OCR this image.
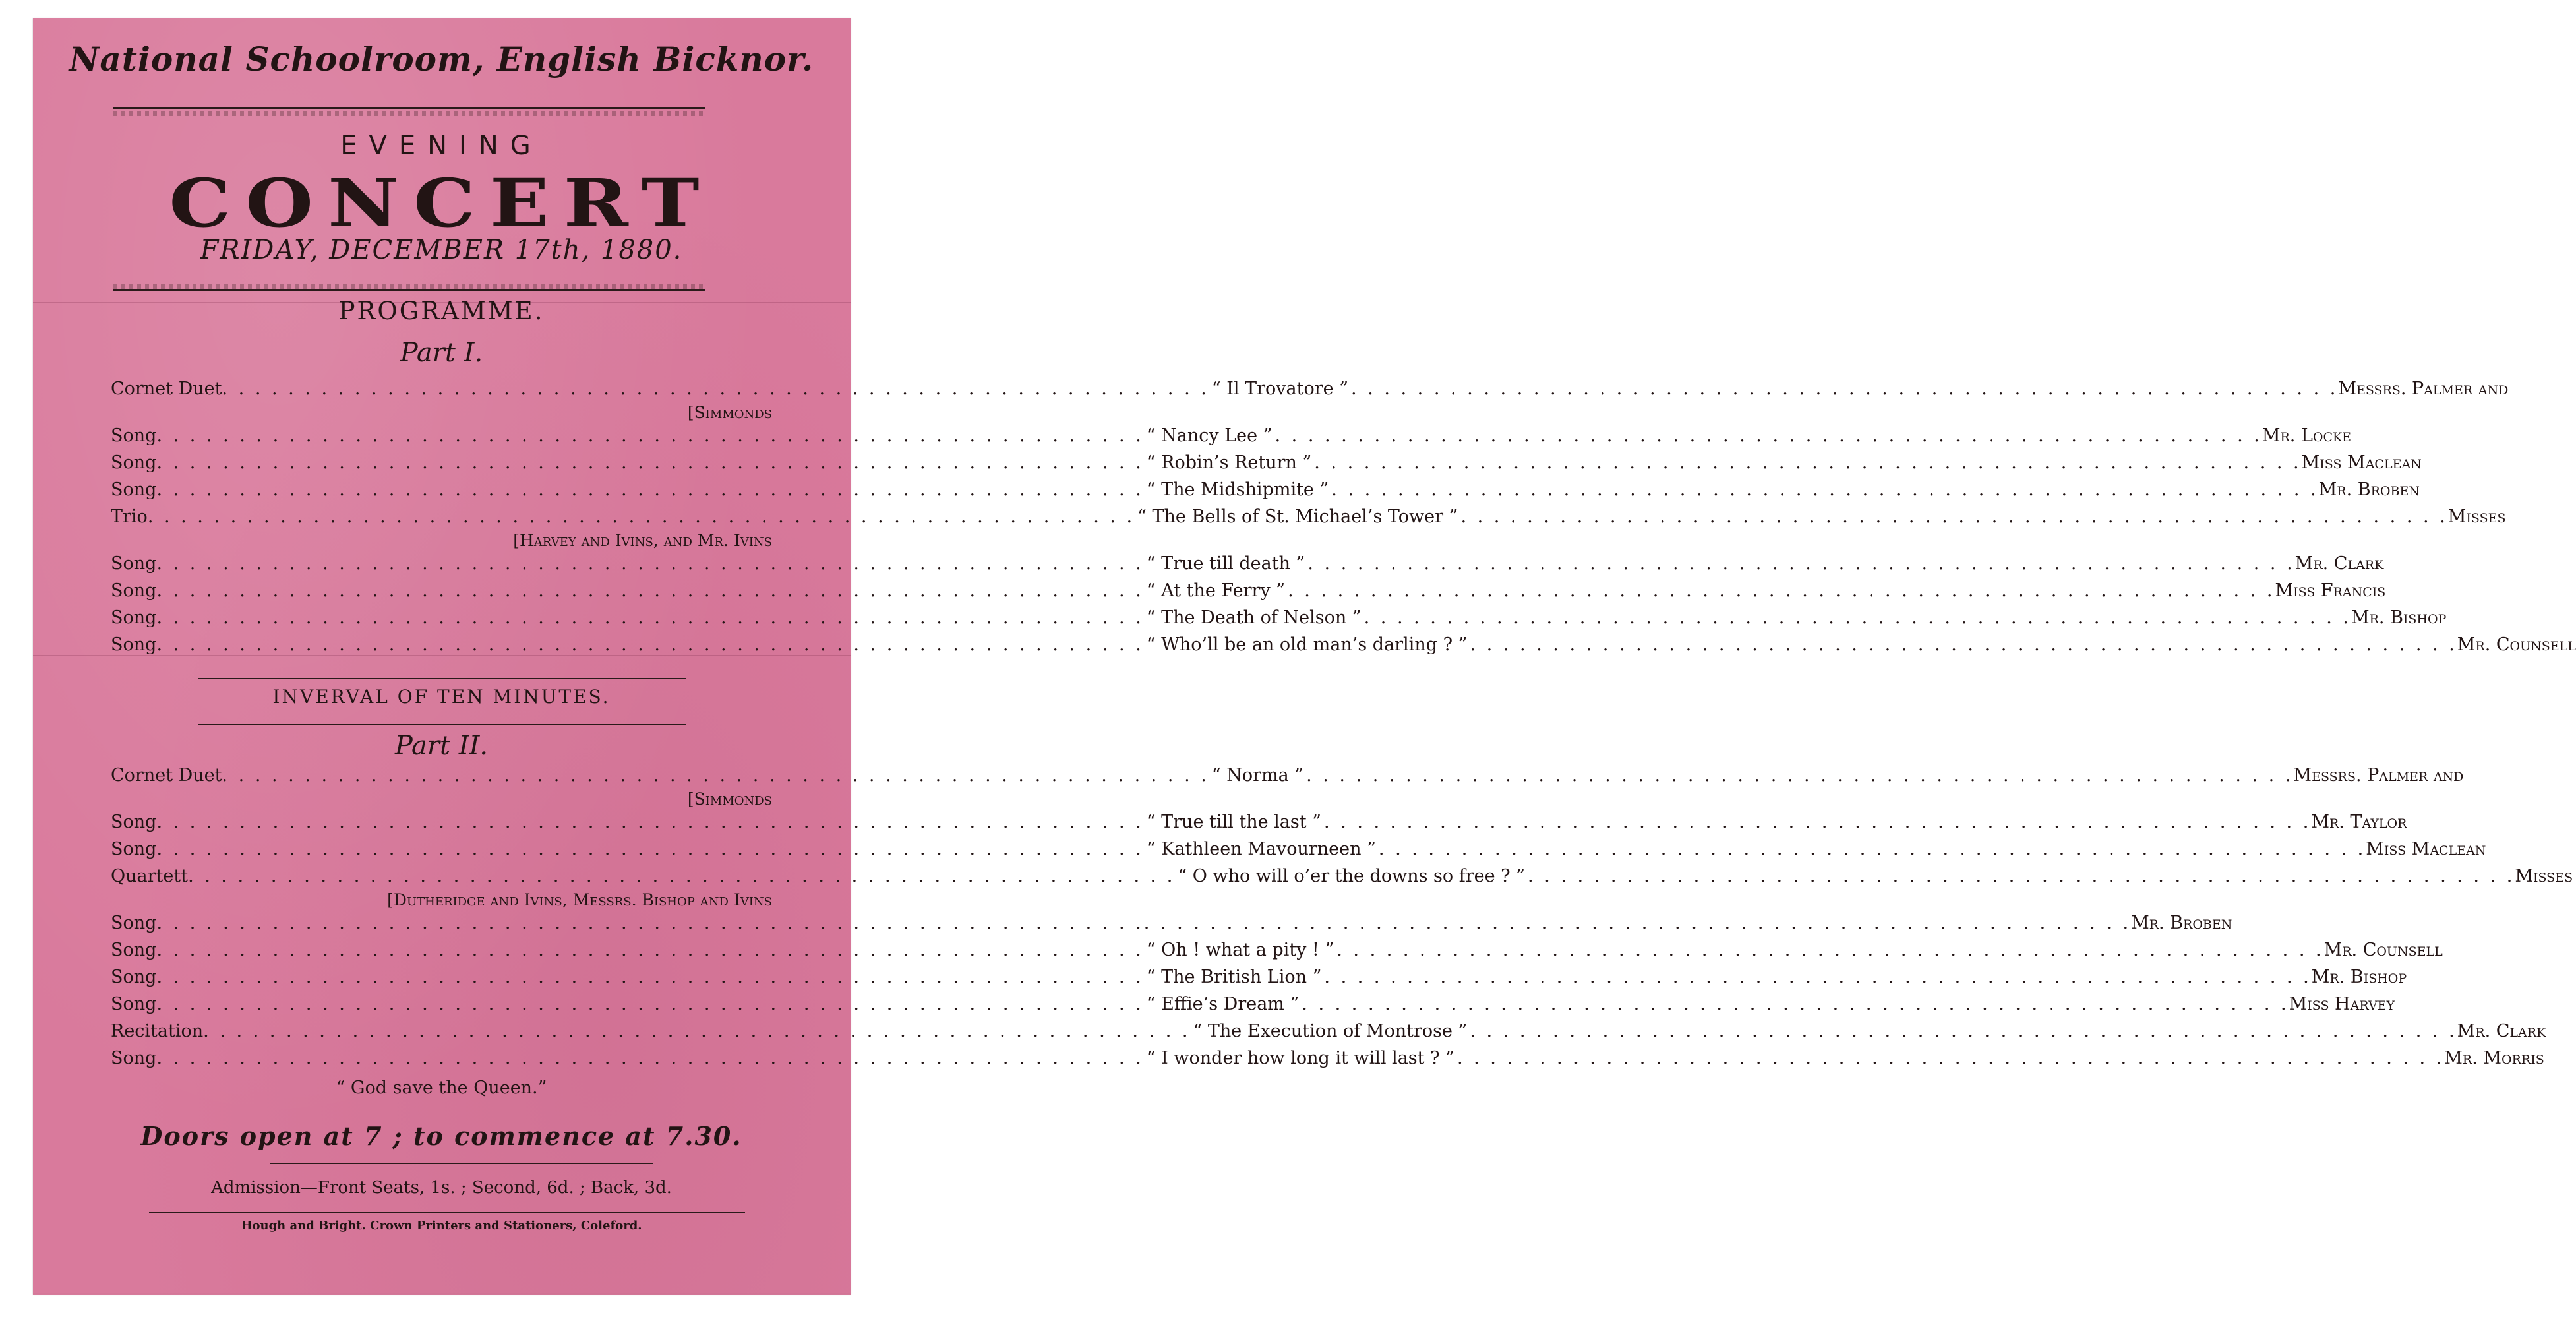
National Schoolroom, English Bicknor.
EVENING
CONCERT
FRIDAY, DECEMBER 17th, 1880.
PROGRAMME.
Part I.
Cornet Duet . . . . . . . . . . . . . . . . . . . . . . . . . . . . . . . . . . . . . . . . . . . . . . . . . . . . . . . . . . . . “ Il Trovatore ” . . . . . . . . . . . . . . . . . . . . . . . . . . . . . . . . . . . . . . . . . . . . . . . . . . . . . . . . . . . . Messrs. Palmer and
[ Simmonds
Song . . . . . . . . . . . . . . . . . . . . . . . . . . . . . . . . . . . . . . . . . . . . . . . . . . . . . . . . . . . . “ Nancy Lee ” . . . . . . . . . . . . . . . . . . . . . . . . . . . . . . . . . . . . . . . . . . . . . . . . . . . . . . . . . . . . Mr. Locke
Song . . . . . . . . . . . . . . . . . . . . . . . . . . . . . . . . . . . . . . . . . . . . . . . . . . . . . . . . . . . . “ Robin’s Return ” . . . . . . . . . . . . . . . . . . . . . . . . . . . . . . . . . . . . . . . . . . . . . . . . . . . . . . . . . . . . Miss Maclean
Song . . . . . . . . . . . . . . . . . . . . . . . . . . . . . . . . . . . . . . . . . . . . . . . . . . . . . . . . . . . . “ The Midshipmite ” . . . . . . . . . . . . . . . . . . . . . . . . . . . . . . . . . . . . . . . . . . . . . . . . . . . . . . . . . . . . Mr. Broben
Trio . . . . . . . . . . . . . . . . . . . . . . . . . . . . . . . . . . . . . . . . . . . . . . . . . . . . . . . . . . . . “ The Bells of St. Michael’s Tower ” . . . . . . . . . . . . . . . . . . . . . . . . . . . . . . . . . . . . . . . . . . . . . . . . . . . . . . . . . . . . Misses
[ Harvey and Ivins, and Mr. Ivins
Song . . . . . . . . . . . . . . . . . . . . . . . . . . . . . . . . . . . . . . . . . . . . . . . . . . . . . . . . . . . . “ True till death ” . . . . . . . . . . . . . . . . . . . . . . . . . . . . . . . . . . . . . . . . . . . . . . . . . . . . . . . . . . . . Mr. Clark
Song . . . . . . . . . . . . . . . . . . . . . . . . . . . . . . . . . . . . . . . . . . . . . . . . . . . . . . . . . . . . “ At the Ferry ” . . . . . . . . . . . . . . . . . . . . . . . . . . . . . . . . . . . . . . . . . . . . . . . . . . . . . . . . . . . . Miss Francis
Song . . . . . . . . . . . . . . . . . . . . . . . . . . . . . . . . . . . . . . . . . . . . . . . . . . . . . . . . . . . . “ The Death of Nelson ” . . . . . . . . . . . . . . . . . . . . . . . . . . . . . . . . . . . . . . . . . . . . . . . . . . . . . . . . . . . . Mr. Bishop
Song . . . . . . . . . . . . . . . . . . . . . . . . . . . . . . . . . . . . . . . . . . . . . . . . . . . . . . . . . . . . “ Who’ll be an old man’s darling ? ” . . . . . . . . . . . . . . . . . . . . . . . . . . . . . . . . . . . . . . . . . . . . . . . . . . . . . . . . . . . . Mr. Counsell
INVERVAL OF TEN MINUTES.
Part II.
Cornet Duet . . . . . . . . . . . . . . . . . . . . . . . . . . . . . . . . . . . . . . . . . . . . . . . . . . . . . . . . . . . . “ Norma ” . . . . . . . . . . . . . . . . . . . . . . . . . . . . . . . . . . . . . . . . . . . . . . . . . . . . . . . . . . . . Messrs. Palmer and
[ Simmonds
Song . . . . . . . . . . . . . . . . . . . . . . . . . . . . . . . . . . . . . . . . . . . . . . . . . . . . . . . . . . . . “ True till the last ” . . . . . . . . . . . . . . . . . . . . . . . . . . . . . . . . . . . . . . . . . . . . . . . . . . . . . . . . . . . . Mr. Taylor
Song . . . . . . . . . . . . . . . . . . . . . . . . . . . . . . . . . . . . . . . . . . . . . . . . . . . . . . . . . . . . “ Kathleen Mavourneen ” . . . . . . . . . . . . . . . . . . . . . . . . . . . . . . . . . . . . . . . . . . . . . . . . . . . . . . . . . . . . Miss Maclean
Quartett . . . . . . . . . . . . . . . . . . . . . . . . . . . . . . . . . . . . . . . . . . . . . . . . . . . . . . . . . . . . “ O who will o’er the downs so free ? ” . . . . . . . . . . . . . . . . . . . . . . . . . . . . . . . . . . . . . . . . . . . . . . . . . . . . . . . . . . . . Misses
[ Dutheridge and Ivins, Messrs. Bishop and Ivins
Song . . . . . . . . . . . . . . . . . . . . . . . . . . . . . . . . . . . . . . . . . . . . . . . . . . . . . . . . . . . . . . . . . . . . . . . . . . . . . . . . . . . . . . . . . . . . . . . . . . . . . . . . . . . . . . . . . . . . . . . . Mr. Broben
Song . . . . . . . . . . . . . . . . . . . . . . . . . . . . . . . . . . . . . . . . . . . . . . . . . . . . . . . . . . . . “ Oh ! what a pity ! ” . . . . . . . . . . . . . . . . . . . . . . . . . . . . . . . . . . . . . . . . . . . . . . . . . . . . . . . . . . . . Mr. Counsell
Song . . . . . . . . . . . . . . . . . . . . . . . . . . . . . . . . . . . . . . . . . . . . . . . . . . . . . . . . . . . . “ The British Lion ” . . . . . . . . . . . . . . . . . . . . . . . . . . . . . . . . . . . . . . . . . . . . . . . . . . . . . . . . . . . . Mr. Bishop
Song . . . . . . . . . . . . . . . . . . . . . . . . . . . . . . . . . . . . . . . . . . . . . . . . . . . . . . . . . . . . “ Effie’s Dream ” . . . . . . . . . . . . . . . . . . . . . . . . . . . . . . . . . . . . . . . . . . . . . . . . . . . . . . . . . . . . Miss Harvey
Recitation . . . . . . . . . . . . . . . . . . . . . . . . . . . . . . . . . . . . . . . . . . . . . . . . . . . . . . . . . . . . “ The Execution of Montrose ” . . . . . . . . . . . . . . . . . . . . . . . . . . . . . . . . . . . . . . . . . . . . . . . . . . . . . . . . . . . . Mr. Clark
Song . . . . . . . . . . . . . . . . . . . . . . . . . . . . . . . . . . . . . . . . . . . . . . . . . . . . . . . . . . . . “ I wonder how long it will last ? ” . . . . . . . . . . . . . . . . . . . . . . . . . . . . . . . . . . . . . . . . . . . . . . . . . . . . . . . . . . . . Mr. Morris
“ God save the Queen.”
Doors open at 7 ; to commence at 7.30.
Admission—Front Seats, 1s. ; Second, 6d. ; Back, 3d.
Hough and Bright. Crown Printers and Stationers, Coleford.
